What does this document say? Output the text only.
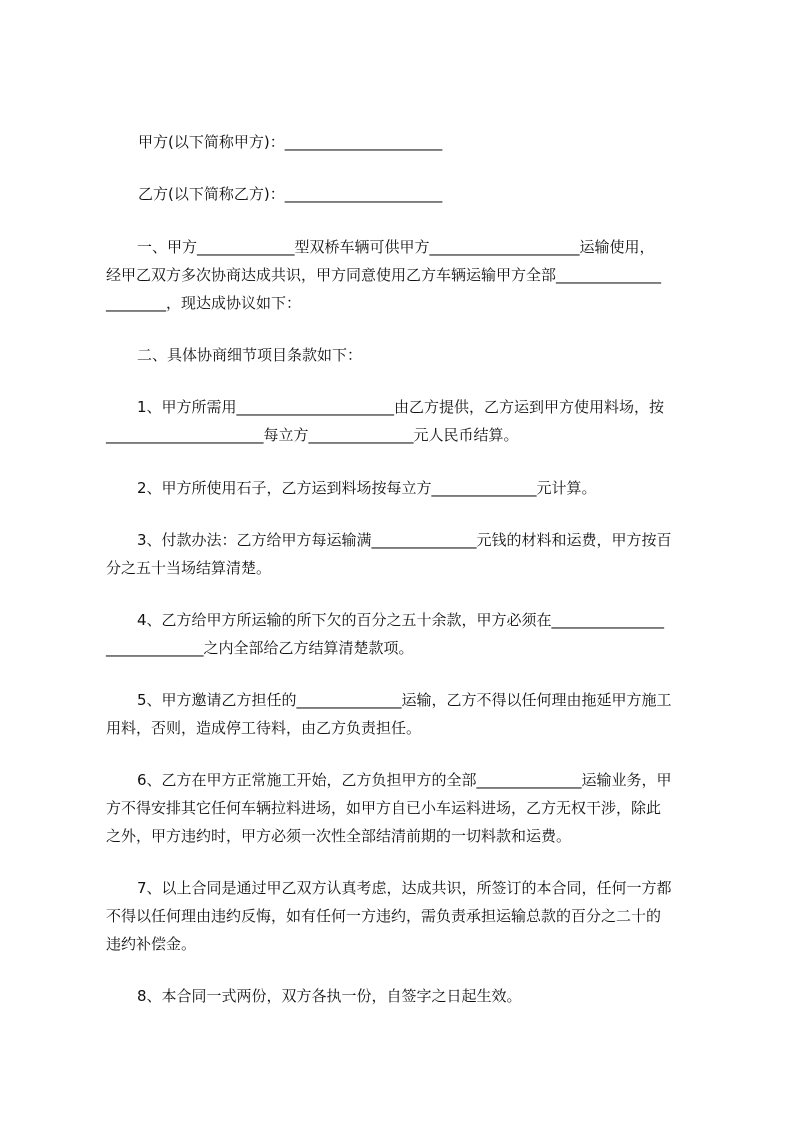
甲方(以下简称甲方)：_____________________
乙方(以下简称乙方)：_____________________
一、甲方_____________型双桥车辆可供甲方____________________运输使用，
经甲乙双方多次协商达成共识，甲方同意使用乙方车辆运输甲方全部______________
________，现达成协议如下：
二、具体协商细节项目条款如下：
1、甲方所需用_____________________由乙方提供，乙方运到甲方使用料场，按
_____________________每立方______________元人民币结算。
2、甲方所使用石子，乙方运到料场按每立方______________元计算。
3、付款办法：乙方给甲方每运输满______________元钱的材料和运费，甲方按百
分之五十当场结算清楚。
4、乙方给甲方所运输的所下欠的百分之五十余款，甲方必须在_______________
_____________之内全部给乙方结算清楚款项。
5、甲方邀请乙方担任的______________运输，乙方不得以任何理由拖延甲方施工
用料，否则，造成停工待料，由乙方负责担任。
6、乙方在甲方正常施工开始，乙方负担甲方的全部______________运输业务，甲
方不得安排其它任何车辆拉料进场，如甲方自已小车运料进场，乙方无权干涉，除此
之外，甲方违约时，甲方必须一次性全部结清前期的一切料款和运费。
7、以上合同是通过甲乙双方认真考虑，达成共识，所签订的本合同，任何一方都
不得以任何理由违约反悔，如有任何一方违约，需负责承担运输总款的百分之二十的
违约补偿金。
8、本合同一式两份，双方各执一份，自签字之日起生效。
